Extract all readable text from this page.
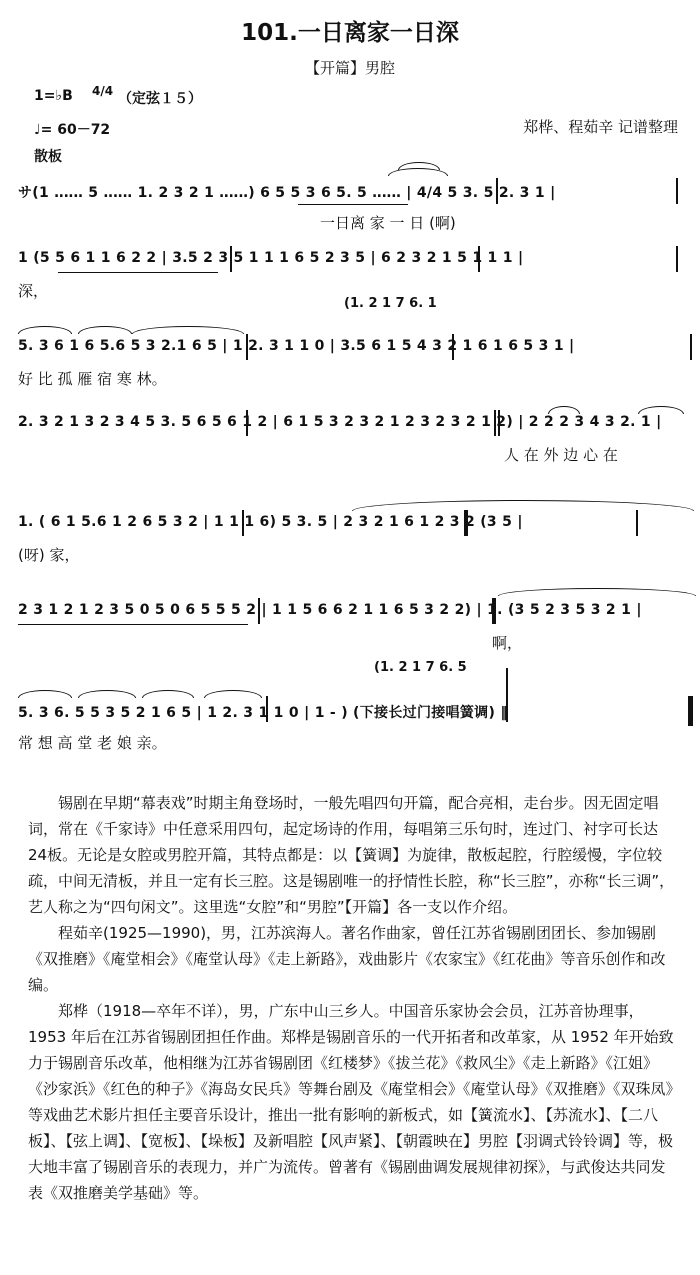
101.一日离家一日深
【开篇】男腔
1=♭B 4/4 （定弦１５）
♩= 60－72	郑桦、程茹辛 记谱整理
散板
サ(1 ‥‥‥ 5 ‥‥‥ 1. 2 3 2 1 ‥‥‥) 6 5 5 3 6 5. 5 ‥‥‥ | 4/4 5 3. 5 2. 3 1 |
一日离 家 一 日 (啊)
1 (5 5 6 1 1 6 2 2 | 3.5 2 3 5 1 1 1 6 5 2 3 5 | 6 2 3 2 1 5 1 1 1 |
深，
(1. 2 1 7 6. 1
5. 3 6 1 6 5.6 5 3 2.1 6 5 | 1 2. 3 1 1 0 | 3.5 6 1 5 4 3 2 1 6 1 6 5 3 1 |
好 比 孤 雁 宿 寒 林。
2. 3 2 1 3 2 3 4 5 3. 5 6 5 6 1 2 | 6 1 5 3 2 3 2 1 2 3 2 3 2 1 2) | 2 2 2 3 4 3 2. 1 |
人 在 外 边 心 在
1. ( 6 1 5.6 1 2 6 5 3 2 | 1 1 1 6) 5 3. 5 | 2 3 2 1 6 1 2 3 2 (3 5 |
(呀) 家，
2 3 1 2 1 2 3 5 0 5 0 6 5 5 5 2 | 1 1 5 6 6 2 1 1 6 5 3 2 2) | 1. (3 5 2 3 5 3 2 1 |
啊，
(1. 2 1 7 6. 5
5. 3 6. 5 5 3 5 2 1 6 5 | 1 2. 3 1 1 0 | 1 - ) (下接长过门接唱簧调) ‖
常 想 高 堂 老 娘 亲。

锡剧在早期“幕表戏”时期主角登场时，一般先唱四句开篇，配合亮相，走台步。因无固定唱词，常在《千家诗》中任意采用四句，起定场诗的作用，每唱第三乐句时，连过门、衬字可长达24板。无论是女腔或男腔开篇，其特点都是：以【簧调】为旋律，散板起腔，行腔缓慢，字位较疏，中间无清板，并且一定有长三腔。这是锡剧唯一的抒情性长腔，称“长三腔”，亦称“长三调”，艺人称之为“四句闲文”。这里选“女腔”和“男腔”【开篇】各一支以作介绍。

程茹辛(1925—1990)，男，江苏滨海人。著名作曲家，曾任江苏省锡剧团团长、参加锡剧《双推磨》《庵堂相会》《庵堂认母》《走上新路》，戏曲影片《农家宝》《红花曲》等音乐创作和改编。

郑桦（1918—卒年不详），男，广东中山三乡人。中国音乐家协会会员，江苏音协理事，1953 年后在江苏省锡剧团担任作曲。郑桦是锡剧音乐的一代开拓者和改革家，从 1952 年开始致力于锡剧音乐改革，他相继为江苏省锡剧团《红楼梦》《拔兰花》《救风尘》《走上新路》《江姐》《沙家浜》《红色的种子》《海岛女民兵》等舞台剧及《庵堂相会》《庵堂认母》《双推磨》《双珠凤》等戏曲艺术影片担任主要音乐设计，推出一批有影响的新板式，如【簧流水】、【苏流水】、【二八板】、【弦上调】、【宽板】、【垛板】及新唱腔【风声紧】、【朝霞映在】男腔【羽调式铃铃调】等，极大地丰富了锡剧音乐的表现力，并广为流传。曾著有《锡剧曲调发展规律初探》，与武俊达共同发表《双推磨美学基础》等。
